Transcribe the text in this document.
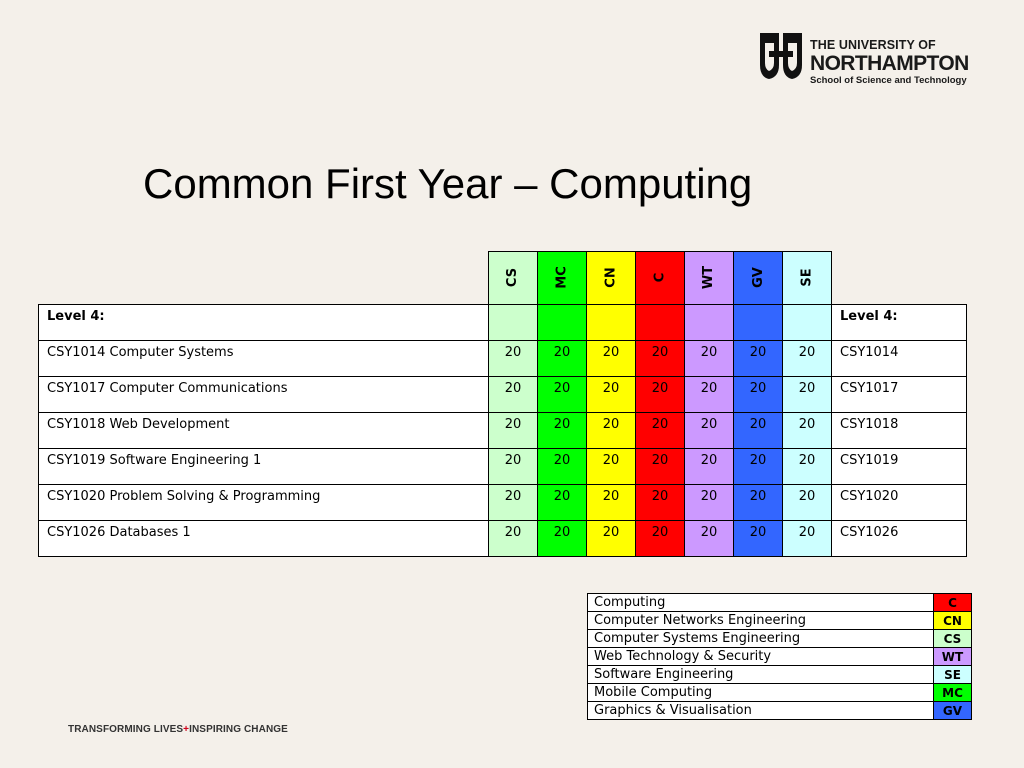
THE UNIVERSITY OF
NORTHAMPTON
School of Science and Technology
Common First Year – Computing
	CS	MC	CN	C	WT	GV	SE	
Level 4:								Level 4:
CSY1014 Computer Systems	20	20	20	20	20	20	20	CSY1014
CSY1017 Computer Communications	20	20	20	20	20	20	20	CSY1017
CSY1018 Web Development	20	20	20	20	20	20	20	CSY1018
CSY1019 Software Engineering 1	20	20	20	20	20	20	20	CSY1019
CSY1020 Problem Solving & Programming	20	20	20	20	20	20	20	CSY1020
CSY1026 Databases 1	20	20	20	20	20	20	20	CSY1026
Computing	C
Computer Networks Engineering	CN
Computer Systems Engineering	CS
Web Technology & Security	WT
Software Engineering	SE
Mobile Computing	MC
Graphics & Visualisation	GV
TRANSFORMING LIVES+INSPIRING CHANGE
